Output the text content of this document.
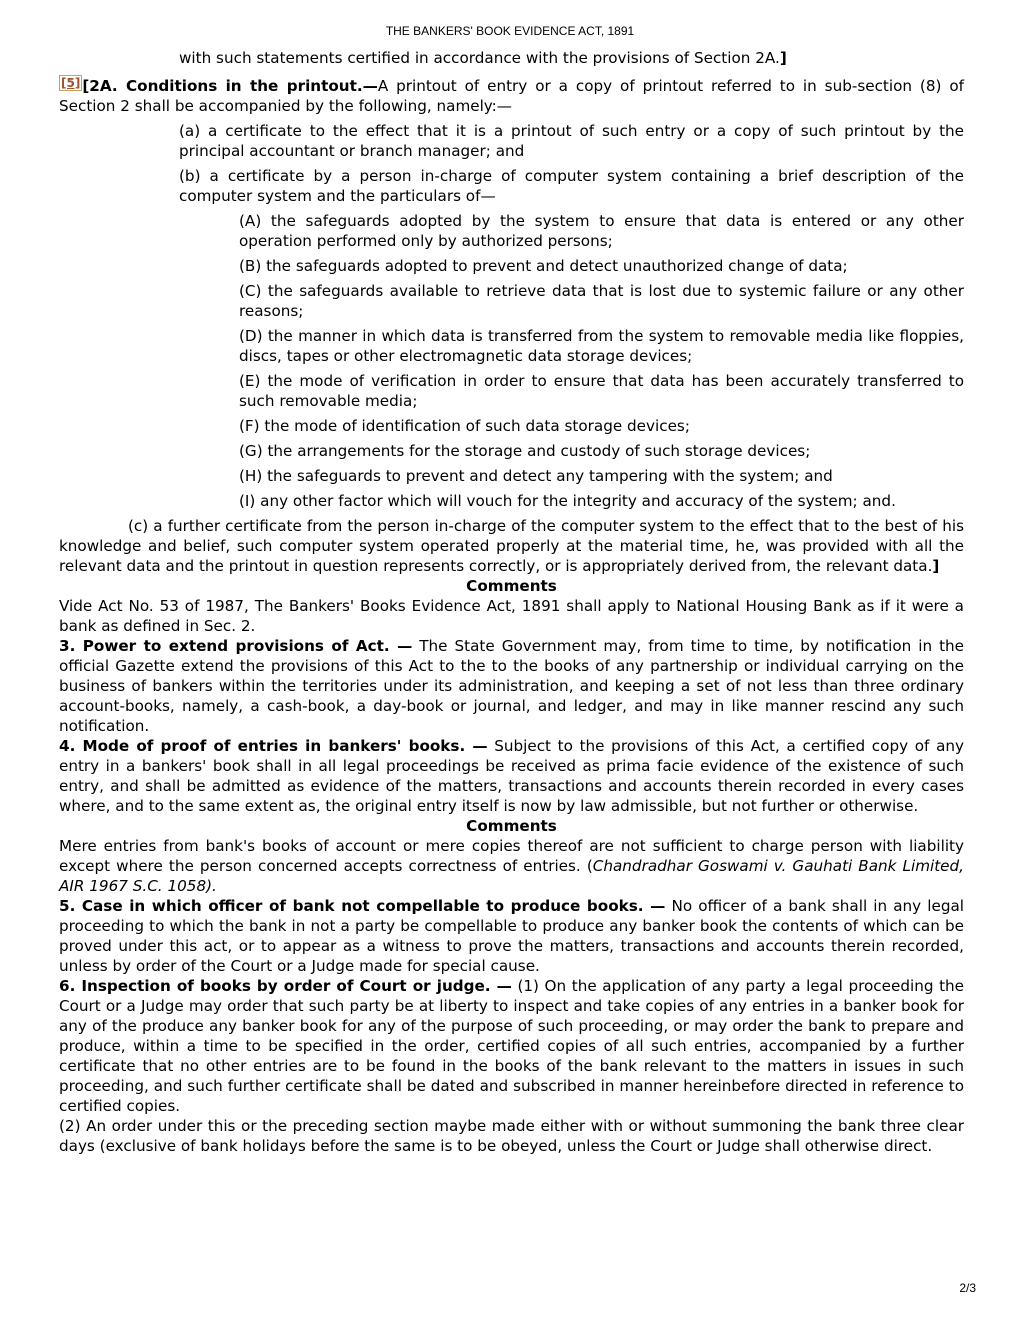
THE BANKERS' BOOK EVIDENCE ACT, 1891

with such statements certified in accordance with the provisions of Section 2A.]

[5] [2A. Conditions in the printout.—A printout of entry or a copy of printout referred to in sub-section (8) of Section 2 shall be accompanied by the following, namely:—

(a) a certificate to the effect that it is a printout of such entry or a copy of such printout by the principal accountant or branch manager; and

(b) a certificate by a person in-charge of computer system containing a brief description of the computer system and the particulars of—

(A) the safeguards adopted by the system to ensure that data is entered or any other operation performed only by authorized persons;

(B) the safeguards adopted to prevent and detect unauthorized change of data;

(C) the safeguards available to retrieve data that is lost due to systemic failure or any other reasons;

(D) the manner in which data is transferred from the system to removable media like floppies, discs, tapes or other electromagnetic data storage devices;

(E) the mode of verification in order to ensure that data has been accurately transferred to such removable media;

(F) the mode of identification of such data storage devices;

(G) the arrangements for the storage and custody of such storage devices;

(H) the safeguards to prevent and detect any tampering with the system; and

(I) any other factor which will vouch for the integrity and accuracy of the system; and.

(c) a further certificate from the person in-charge of the computer system to the effect that to the best of his knowledge and belief, such computer system operated properly at the material time, he, was provided with all the relevant data and the printout in question represents correctly, or is appropriately derived from, the relevant data.]

Comments

Vide Act No. 53 of 1987, The Bankers' Books Evidence Act, 1891 shall apply to National Housing Bank as if it were a bank as defined in Sec. 2.

3. Power to extend provisions of Act. — The State Government may, from time to time, by notification in the official Gazette extend the provisions of this Act to the to the books of any partnership or individual carrying on the business of bankers within the territories under its administration, and keeping a set of not less than three ordinary account-books, namely, a cash-book, a day-book or journal, and ledger, and may in like manner rescind any such notification.

4. Mode of proof of entries in bankers' books. — Subject to the provisions of this Act, a certified copy of any entry in a bankers' book shall in all legal proceedings be received as prima facie evidence of the existence of such entry, and shall be admitted as evidence of the matters, transactions and accounts therein recorded in every cases where, and to the same extent as, the original entry itself is now by law admissible, but not further or otherwise.

Comments

Mere entries from bank's books of account or mere copies thereof are not sufficient to charge person with liability except where the person concerned accepts correctness of entries. (Chandradhar Goswami v. Gauhati Bank Limited, AIR 1967 S.C. 1058).

5. Case in which officer of bank not compellable to produce books. — No officer of a bank shall in any legal proceeding to which the bank in not a party be compellable to produce any banker book the contents of which can be proved under this act, or to appear as a witness to prove the matters, transactions and accounts therein recorded, unless by order of the Court or a Judge made for special cause.

6. Inspection of books by order of Court or judge. — (1) On the application of any party a legal proceeding the Court or a Judge may order that such party be at liberty to inspect and take copies of any entries in a banker book for any of the produce any banker book for any of the purpose of such proceeding, or may order the bank to prepare and produce, within a time to be specified in the order, certified copies of all such entries, accompanied by a further certificate that no other entries are to be found in the books of the bank relevant to the matters in issues in such proceeding, and such further certificate shall be dated and subscribed in manner hereinbefore directed in reference to certified copies.

(2) An order under this or the preceding section maybe made either with or without summoning the bank three clear days (exclusive of bank holidays before the same is to be obeyed, unless the Court or Judge shall otherwise direct.

2/3
